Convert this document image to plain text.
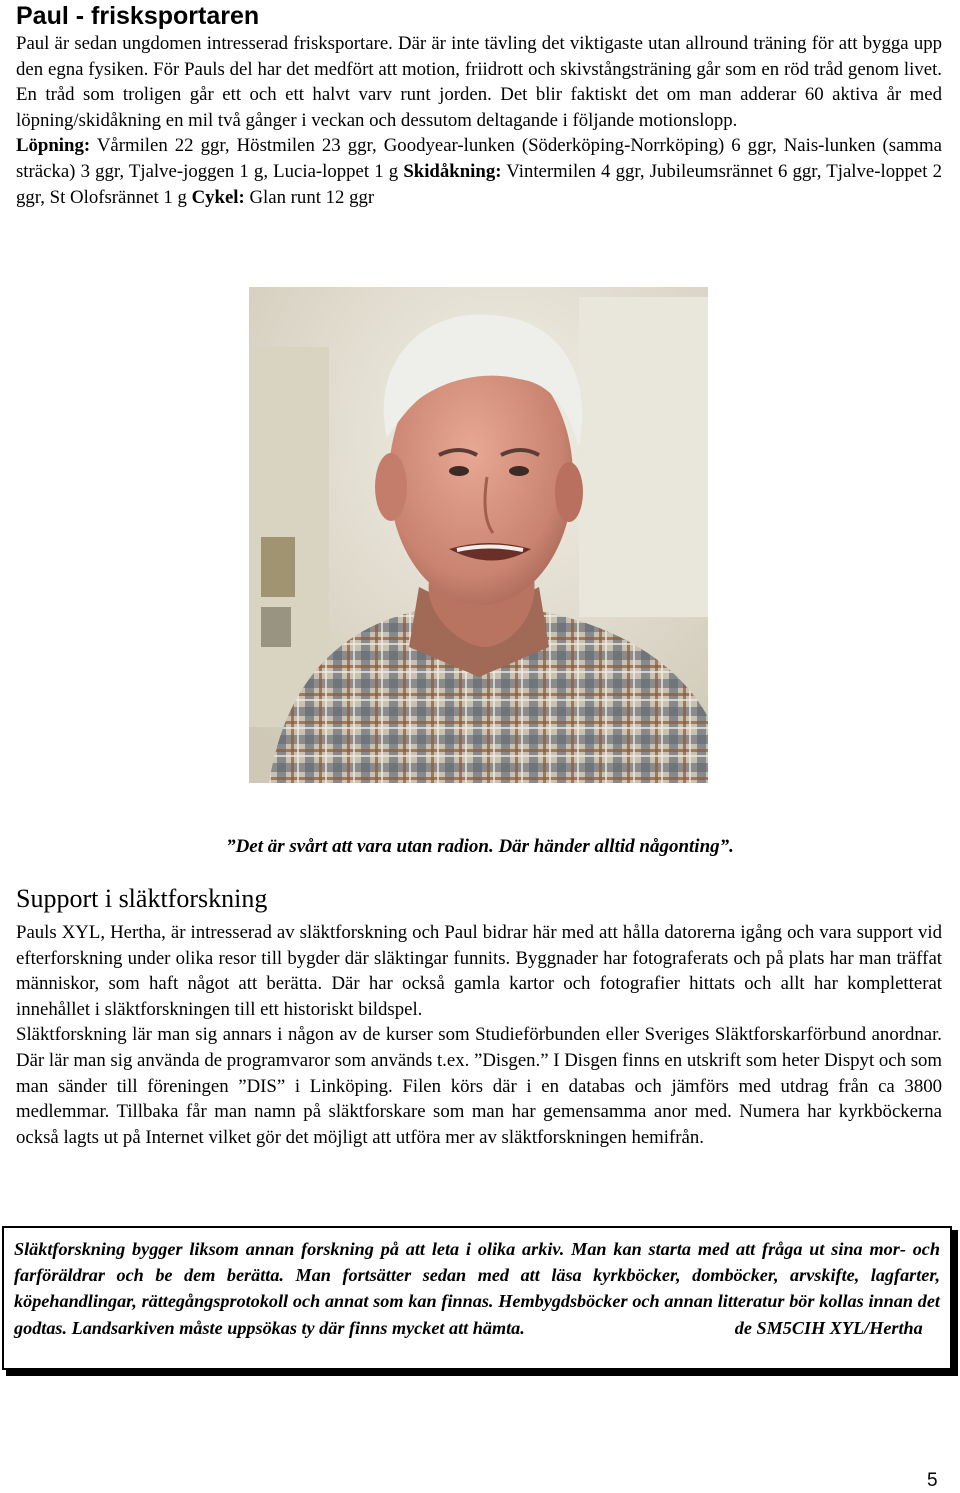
Paul - frisksportaren

Paul är sedan ungdomen intresserad frisksportare. Där är inte tävling det viktigaste utan allround träning för att bygga upp den egna fysiken. För Pauls del har det medfört att motion, friidrott och skivstångsträning går som en röd tråd genom livet. En tråd som troligen går ett och ett halvt varv runt jorden. Det blir faktiskt det om man adderar 60 aktiva år med löpning/skidåkning en mil två gånger i veckan och dessutom deltagande i följande motionslopp.
Löpning: Vårmilen 22 ggr, Höstmilen 23 ggr, Goodyear-lunken (Söderköping-Norrköping) 6 ggr, Nais-lunken (samma sträcka) 3 ggr, Tjalve-joggen 1 g, Lucia-loppet 1 g Skidåkning: Vintermilen 4 ggr, Jubileumsrännet 6 ggr, Tjalve-loppet 2 ggr, St Olofsrännet 1 g Cykel: Glan runt 12 ggr

”Det är svårt att vara utan radion. Där händer alltid någonting”.

Support i släktforskning
Pauls XYL, Hertha, är intresserad av släktforskning och Paul bidrar här med att hålla datorerna igång och vara support vid efterforskning under olika resor till bygder där släktingar funnits. Byggnader har fotograferats och på plats har man träffat människor, som haft något att berätta. Där har också gamla kartor och fotografier hittats och allt har kompletterat innehållet i släktforskningen till ett historiskt bildspel.
Släktforskning lär man sig annars i någon av de kurser som Studieförbunden eller Sveriges Släktforskarförbund anordnar. Där lär man sig använda de programvaror som används t.ex. ”Disgen.” I Disgen finns en utskrift som heter Dispyt och som man sänder till föreningen ”DIS” i Linköping. Filen körs där i en databas och jämförs med utdrag från ca 3800 medlemmar. Tillbaka får man namn på släktforskare som man har gemensamma anor med. Numera har kyrkböckerna också lagts ut på Internet vilket gör det möjligt att utföra mer av släktforskningen hemifrån.

Släktforskning bygger liksom annan forskning på att leta i olika arkiv. Man kan starta med att fråga ut sina mor- och farföräldrar och be dem berätta. Man fortsätter sedan med att läsa kyrkböcker, domböcker, arvskifte, lagfarter, köpehandlingar, rättegångsprotokoll och annat som kan finnas. Hembygdsböcker och annan litteratur bör kollas innan det godtas. Landsarkiven måste uppsökas ty där finns mycket att hämta.	de SM5CIH XYL/Hertha

5
